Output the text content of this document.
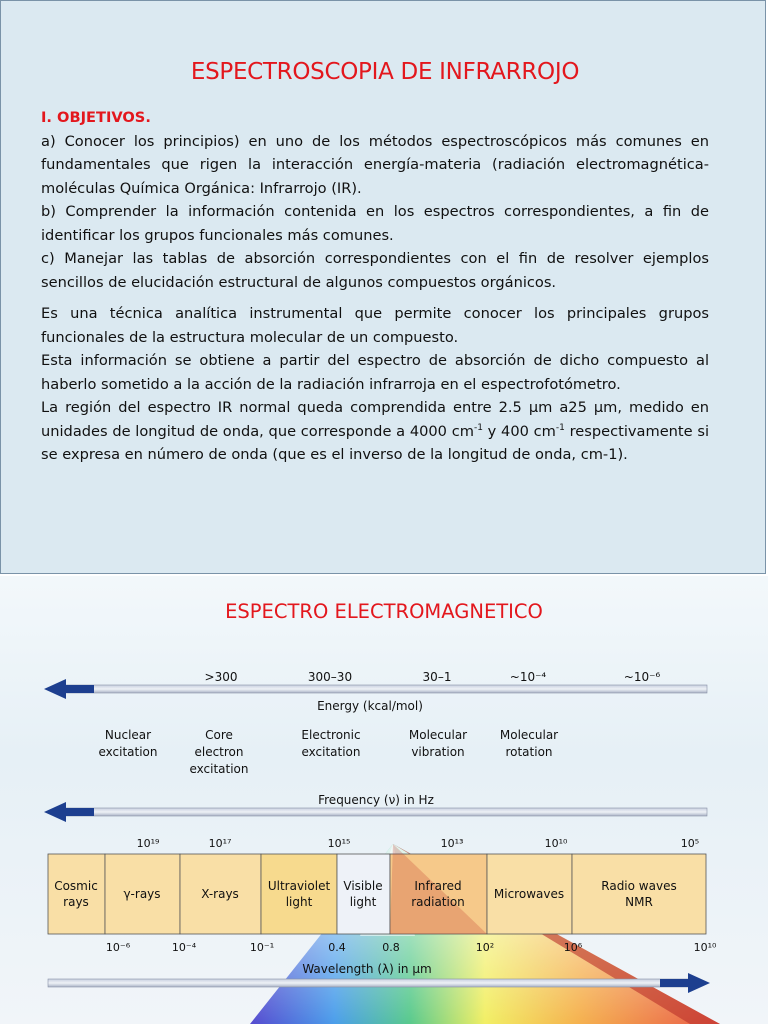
ESPECTROSCOPIA DE INFRARROJO

I. OBJETIVOS.

a) Conocer los principios) en uno de los métodos espectroscópicos más comunes en fundamentales que rigen la interacción energía-materia (radiación electromagnética-moléculas Química Orgánica: Infrarrojo (IR).

b) Comprender la información contenida en los espectros correspondientes, a fin de identificar los grupos funcionales más comunes.

c) Manejar las tablas de absorción correspondientes con el fin de resolver ejemplos sencillos de elucidación estructural de algunos compuestos orgánicos.

Es una técnica analítica instrumental que permite conocer los principales grupos funcionales de la estructura molecular de un compuesto.

Esta información se obtiene a partir del espectro de absorción de dicho compuesto al haberlo sometido a la acción de la radiación infrarroja en el espectrofotómetro.

La región del espectro IR normal queda comprendida entre 2.5 µm a25 µm, medido en unidades de longitud de onda, que corresponde a 4000 $cm^{-1}$ y 400 $cm^{-1}$ respectivamente si se expresa en número de onda (que es el inverso de la longitud de onda, cm-1).

ESPECTRO ELECTROMAGNETICO
>300	300–30	30–1	~10⁻⁴	~10⁻⁶
Energy (kcal/mol)
Nuclear
excitation
Core
electron
excitation
Electronic
excitation
Molecular
vibration
Molecular
rotation
Frequency (ν) in Hz
10¹⁹	10¹⁷	10¹⁵	10¹³	10¹⁰	10⁵
Cosmic
rays
γ-rays	X-rays
Ultraviolet
light
Visible
light
Infrared
radiation
Microwaves
Radio waves
NMR
10⁻⁶	10⁻⁴	10⁻¹	0.4	0.8	10²	10⁶	10¹⁰
Wavelength (λ) in µm
